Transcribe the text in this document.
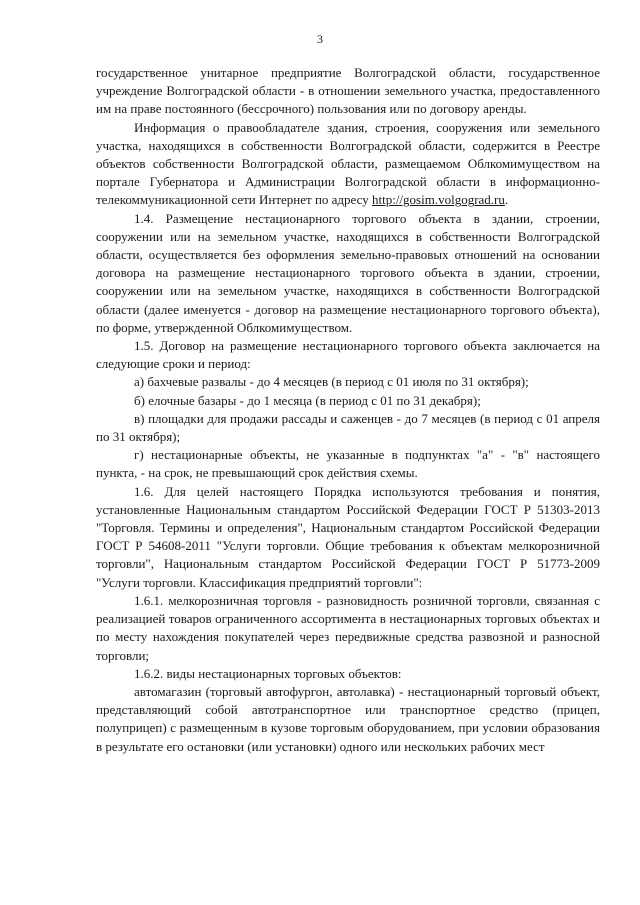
3

государственное унитарное предприятие Волгоградской области, государственное учреждение Волгоградской области - в отношении земельного участка, предоставленного им на праве постоянного (бессрочного) пользования или по договору аренды.

Информация о правообладателе здания, строения, сооружения или земельного участка, находящихся в собственности Волгоградской области, содержится в Реестре объектов собственности Волгоградской области, размещаемом Облкомимуществом на портале Губернатора и Администрации Волгоградской области в информационно-телекоммуникационной сети Интернет по адресу http://gosim.volgograd.ru.

1.4. Размещение нестационарного торгового объекта в здании, строении, сооружении или на земельном участке, находящихся в собственности Волгоградской области, осуществляется без оформления земельно-правовых отношений на основании договора на размещение нестационарного торгового объекта в здании, строении, сооружении или на земельном участке, находящихся в собственности Волгоградской области (далее именуется - договор на размещение нестационарного торгового объекта), по форме, утвержденной Облкомимуществом.

1.5. Договор на размещение нестационарного торгового объекта заключается на следующие сроки и период:

а) бахчевые развалы - до 4 месяцев (в период с 01 июля по 31 октября);

б) елочные базары - до 1 месяца (в период с 01 по 31 декабря);

в) площадки для продажи рассады и саженцев - до 7 месяцев (в период с 01 апреля по 31 октября);

г) нестационарные объекты, не указанные в подпунктах "а" - "в" настоящего пункта, - на срок, не превышающий срок действия схемы.

1.6. Для целей настоящего Порядка используются требования и понятия, установленные Национальным стандартом Российской Федерации ГОСТ Р 51303-2013 "Торговля. Термины и определения", Национальным стандартом Российской Федерации ГОСТ Р 54608-2011 "Услуги торговли. Общие требования к объектам мелкорозничной торговли", Национальным стандартом Российской Федерации ГОСТ Р 51773-2009 "Услуги торговли. Классификация предприятий торговли":

1.6.1. мелкорозничная торговля - разновидность розничной торговли, связанная с реализацией товаров ограниченного ассортимента в нестационарных торговых объектах и по месту нахождения покупателей через передвижные средства развозной и разносной торговли;

1.6.2. виды нестационарных торговых объектов:

автомагазин (торговый автофургон, автолавка) - нестационарный торговый объект, представляющий собой автотранспортное или транспортное средство (прицеп, полуприцеп) с размещенным в кузове торговым оборудованием, при условии образования в результате его остановки (или установки) одного или нескольких рабочих мест
